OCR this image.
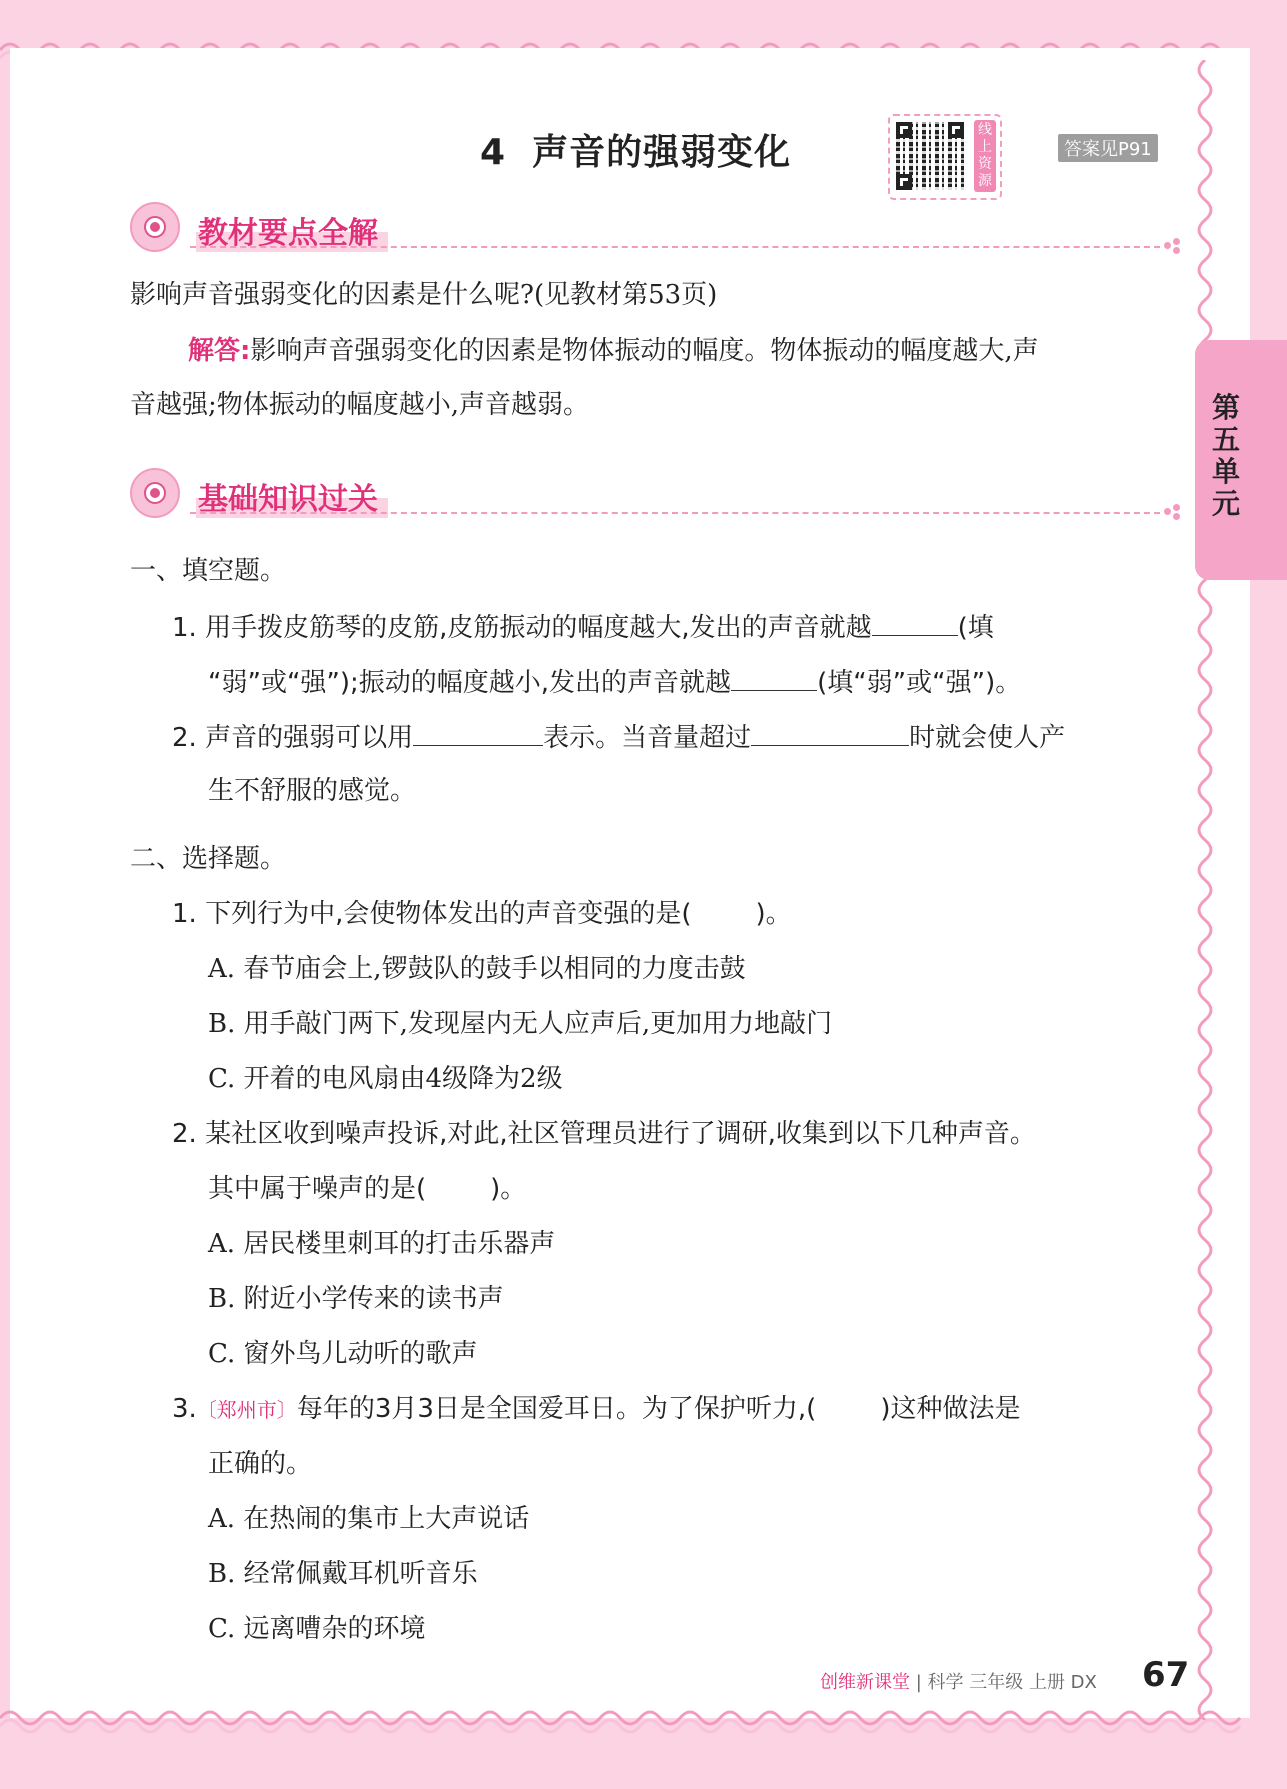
4 声音的强弱变化
线上资源
答案见P91
第五单元
教材要点全解
影响声音强弱变化的因素是什么呢?(见教材第53页)
解答:影响声音强弱变化的因素是物体振动的幅度。物体振动的幅度越大,声
音越强;物体振动的幅度越小,声音越弱。
基础知识过关
一、填空题。
1. 用手拨皮筋琴的皮筋,皮筋振动的幅度越大,发出的声音就越	(填
“弱”或“强”);振动的幅度越小,发出的声音就越	(填“弱”或“强”)。
2. 声音的强弱可以用	表示。当音量超过	时就会使人产
生不舒服的感觉。
二、选择题。
1. 下列行为中,会使物体发出的声音变强的是( )。
A. 春节庙会上,锣鼓队的鼓手以相同的力度击鼓
B. 用手敲门两下,发现屋内无人应声后,更加用力地敲门
C. 开着的电风扇由4级降为2级
2. 某社区收到噪声投诉,对此,社区管理员进行了调研,收集到以下几种声音。
其中属于噪声的是( )。
A. 居民楼里刺耳的打击乐器声
B. 附近小学传来的读书声
C. 窗外鸟儿动听的歌声
3.〔郑州市〕每年的3月3日是全国爱耳日。为了保护听力,( )这种做法是
正确的。
A. 在热闹的集市上大声说话
B. 经常佩戴耳机听音乐
C. 远离嘈杂的环境
创维新课堂 | 科学 三年级 上册 DX 67
